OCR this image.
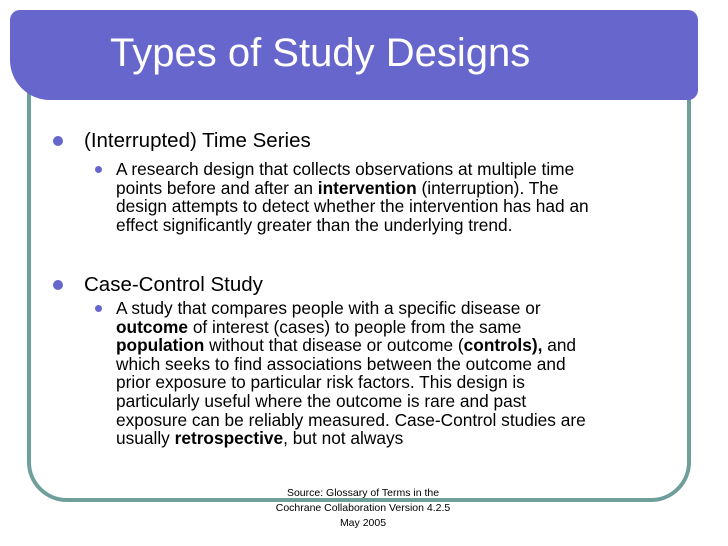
Types of Study Designs
(Interrupted) Time Series
A research design that collects observations at multiple time
points before and after an intervention (interruption). The
design attempts to detect whether the intervention has had an
effect significantly greater than the underlying trend.
Case-Control Study
A study that compares people with a specific disease or
outcome of interest (cases) to people from the same
population without that disease or outcome (controls), and
which seeks to find associations between the outcome and
prior exposure to particular risk factors. This design is
particularly useful where the outcome is rare and past
exposure can be reliably measured. Case-Control studies are
usually retrospective, but not always
Source: Glossary of Terms in the
Cochrane Collaboration Version 4.2.5
May 2005
